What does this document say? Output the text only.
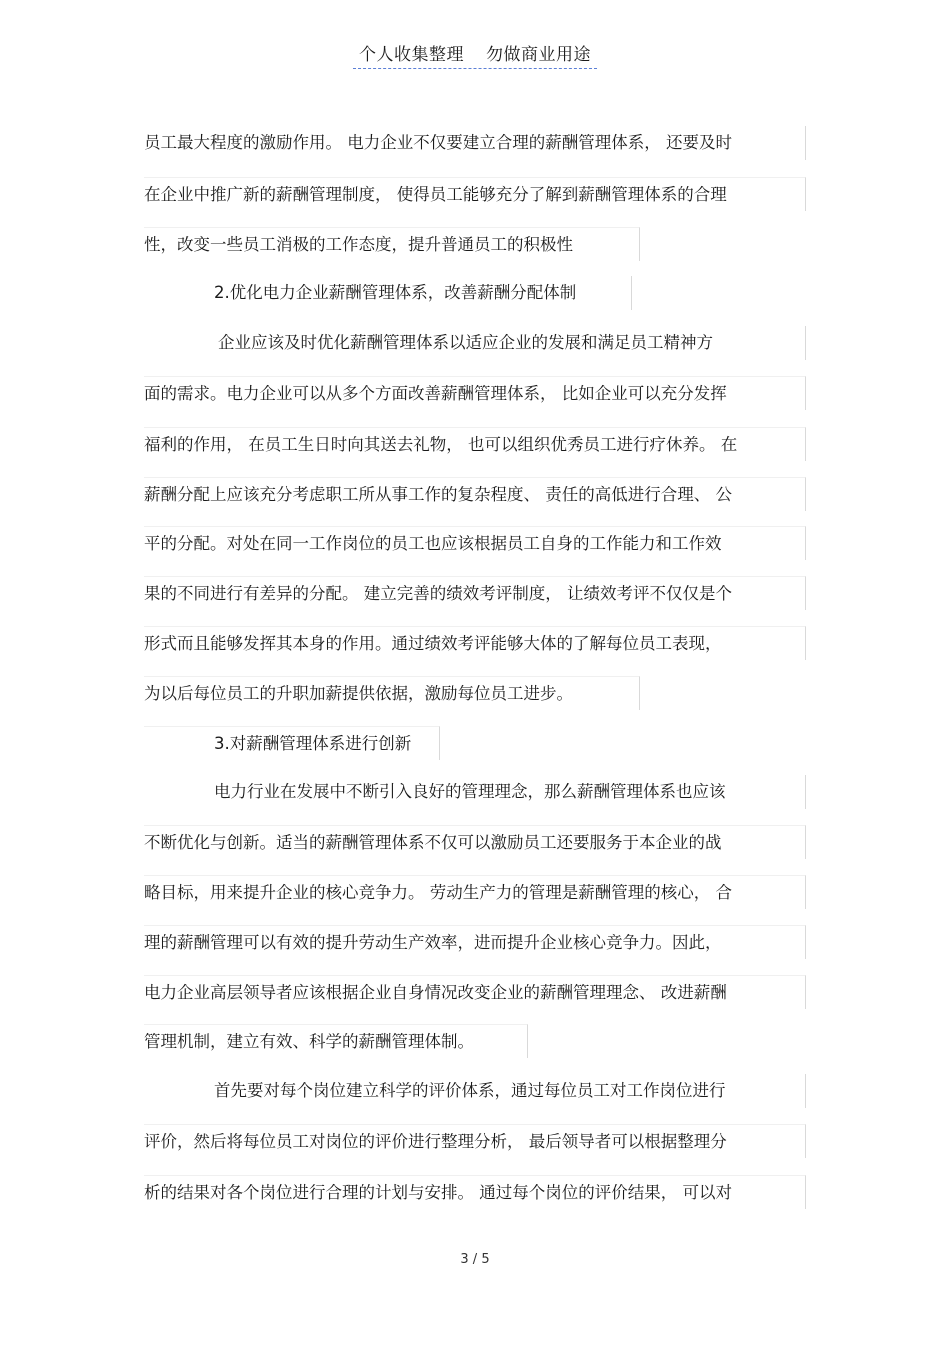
个人收集整理 勿做商业用途
员工最大程度的激励作用。 电力企业不仅要建立合理的薪酬管理体系， 还要及时
在企业中推广新的薪酬管理制度， 使得员工能够充分了解到薪酬管理体系的合理
性，改变一些员工消极的工作态度，提升普通员工的积极性
2.优化电力企业薪酬管理体系，改善薪酬分配体制
企业应该及时优化薪酬管理体系以适应企业的发展和满足员工精神方
面的需求。电力企业可以从多个方面改善薪酬管理体系， 比如企业可以充分发挥
福利的作用， 在员工生日时向其送去礼物， 也可以组织优秀员工进行疗休养。 在
薪酬分配上应该充分考虑职工所从事工作的复杂程度、 责任的高低进行合理、 公
平的分配。对处在同一工作岗位的员工也应该根据员工自身的工作能力和工作效
果的不同进行有差异的分配。 建立完善的绩效考评制度， 让绩效考评不仅仅是个
形式而且能够发挥其本身的作用。通过绩效考评能够大体的了解每位员工表现，
为以后每位员工的升职加薪提供依据，激励每位员工进步。
3.对薪酬管理体系进行创新
电力行业在发展中不断引入良好的管理理念，那么薪酬管理体系也应该
不断优化与创新。适当的薪酬管理体系不仅可以激励员工还要服务于本企业的战
略目标，用来提升企业的核心竞争力。 劳动生产力的管理是薪酬管理的核心， 合
理的薪酬管理可以有效的提升劳动生产效率，进而提升企业核心竞争力。因此，
电力企业高层领导者应该根据企业自身情况改变企业的薪酬管理理念、 改进薪酬
管理机制，建立有效、科学的薪酬管理体制。
首先要对每个岗位建立科学的评价体系，通过每位员工对工作岗位进行
评价，然后将每位员工对岗位的评价进行整理分析， 最后领导者可以根据整理分
析的结果对各个岗位进行合理的计划与安排。 通过每个岗位的评价结果， 可以对
3 / 5
